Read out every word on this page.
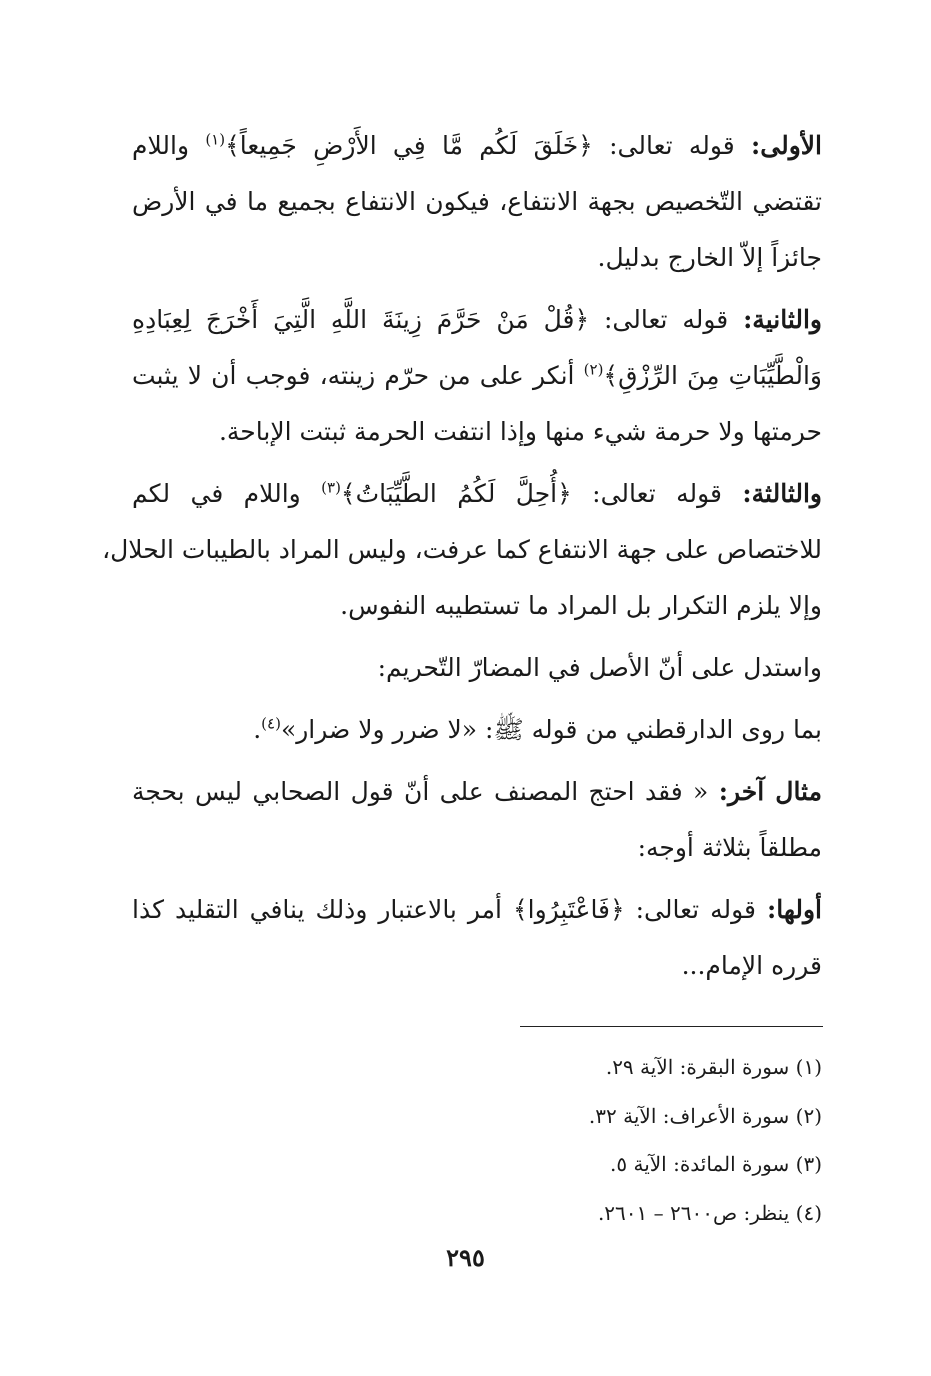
الأولى: قوله تعالى: ﴿خَلَقَ لَكُم مَّا فِي الأَرْضِ جَمِيعاً﴾$^{(١)}$ واللام
تقتضي التّخصيص بجهة الانتفاع، فيكون الانتفاع بجميع ما في الأرض
جائزاً إلاّ الخارج بدليل.
والثانية: قوله تعالى: ﴿قُلْ مَنْ حَرَّمَ زِينَةَ اللَّهِ الَّتِيَ أَخْرَجَ لِعِبَادِهِ
وَالْطَّيِّبَاتِ مِنَ الرِّزْقِ﴾$^{(٢)}$ أنكر على من حرّم زينته، فوجب أن لا يثبت
حرمتها ولا حرمة شيء منها وإذا انتفت الحرمة ثبتت الإباحة.
والثالثة: قوله تعالى: ﴿أُحِلَّ لَكُمُ الطَّيِّبَاتُ﴾$^{(٣)}$ واللام في لكم
للاختصاص على جهة الانتفاع كما عرفت، وليس المراد بالطيبات الحلال،
وإلا يلزم التكرار بل المراد ما تستطيبه النفوس.
واستدل على أنّ الأصل في المضارّ التّحريم:
بما روى الدارقطني من قوله ﷺ: «لا ضرر ولا ضرار»$^{(٤)}$.
مثال آخر: « فقد احتج المصنف على أنّ قول الصحابي ليس بحجة
مطلقاً بثلاثة أوجه:
أولها: قوله تعالى: ﴿فَاعْتَبِرُوا﴾ أمر بالاعتبار وذلك ينافي التقليد كذا
قرره الإمام...
(١) سورة البقرة: الآية ٢٩.
(٢) سورة الأعراف: الآية ٣٢.
(٣) سورة المائدة: الآية ٥.
(٤) ينظر: ص٢٦٠٠ – ٢٦٠١.
٢٩٥
